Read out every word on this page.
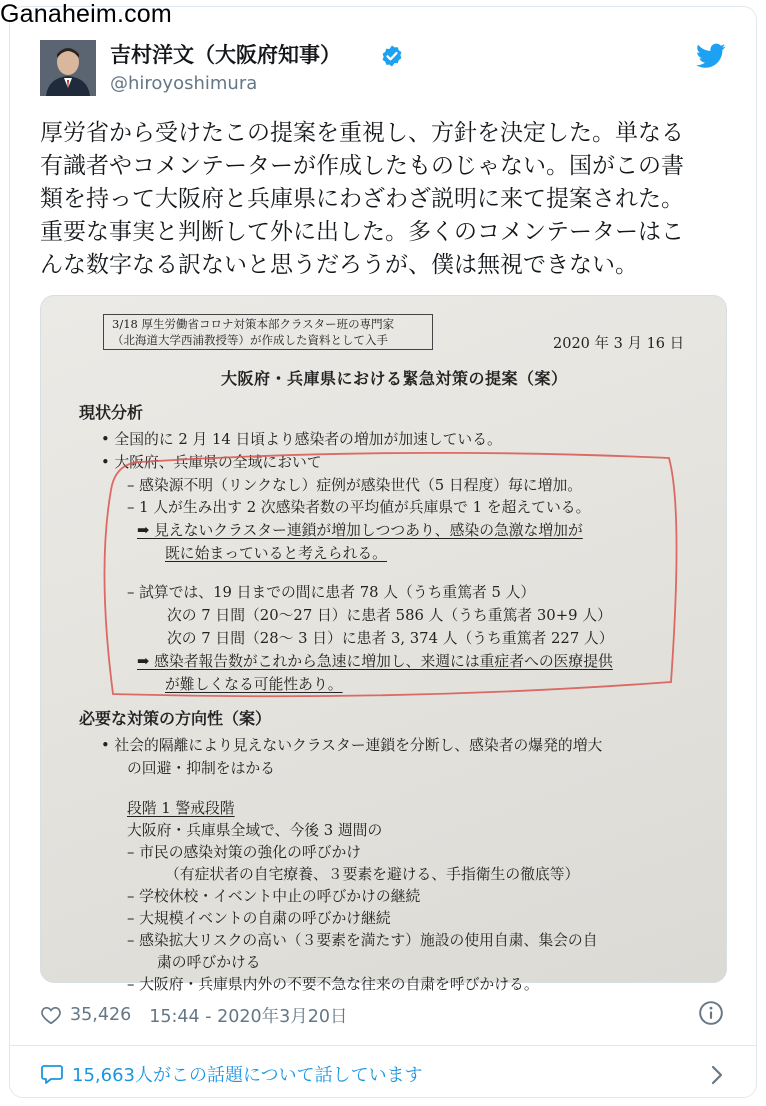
Ganaheim.com
吉村洋文（大阪府知事）
@hiroyoshimura

厚労省から受けたこの提案を重視し、方針を決定した。単なる

有識者やコメンテーターが作成したものじゃない。国がこの書

類を持って大阪府と兵庫県にわざわざ説明に来て提案された。

重要な事実と判断して外に出した。多くのコメンテーターはこ

んな数字なる訳ないと思うだろうが、僕は無視できない。

3/18 厚生労働省コロナ対策本部クラスター班の専門家
（北海道大学西浦教授等）が作成した資料として入手	2020 年 3 月 16 日
大阪府・兵庫県における緊急対策の提案（案）
現状分析
• 全国的に 2 月 14 日頃より感染者の増加が加速している。
• 大阪府、兵庫県の全域において
– 感染源不明（リンクなし）症例が感染世代（5 日程度）毎に増加。
– 1 人が生み出す 2 次感染者数の平均値が兵庫県で 1 を超えている。
➡ 見えないクラスター連鎖が増加しつつあり、感染の急激な増加が
既に始まっていると考えられる。
– 試算では、19 日までの間に患者 78 人（うち重篤者 5 人）
次の 7 日間（20～27 日）に患者 586 人（うち重篤者 30+9 人）
次の 7 日間（28～ 3 日）に患者 3, 374 人（うち重篤者 227 人）
➡ 感染者報告数がこれから急速に増加し、来週には重症者への医療提供
が難しくなる可能性あり。
必要な対策の方向性（案）
• 社会的隔離により見えないクラスター連鎖を分断し、感染者の爆発的増大
の回避・抑制をはかる
段階 1 警戒段階
大阪府・兵庫県全域で、今後 3 週間の
– 市民の感染対策の強化の呼びかけ
（有症状者の自宅療養、３要素を避ける、手指衛生の徹底等）
– 学校休校・イベント中止の呼びかけの継続
– 大規模イベントの自粛の呼びかけ継続
– 感染拡大リスクの高い（３要素を満たす）施設の使用自粛、集会の自
粛の呼びかける
– 大阪府・兵庫県内外の不要不急な往来の自粛を呼びかける。
35,426 15:44 - 2020年3月20日
15,663人がこの話題について話しています
